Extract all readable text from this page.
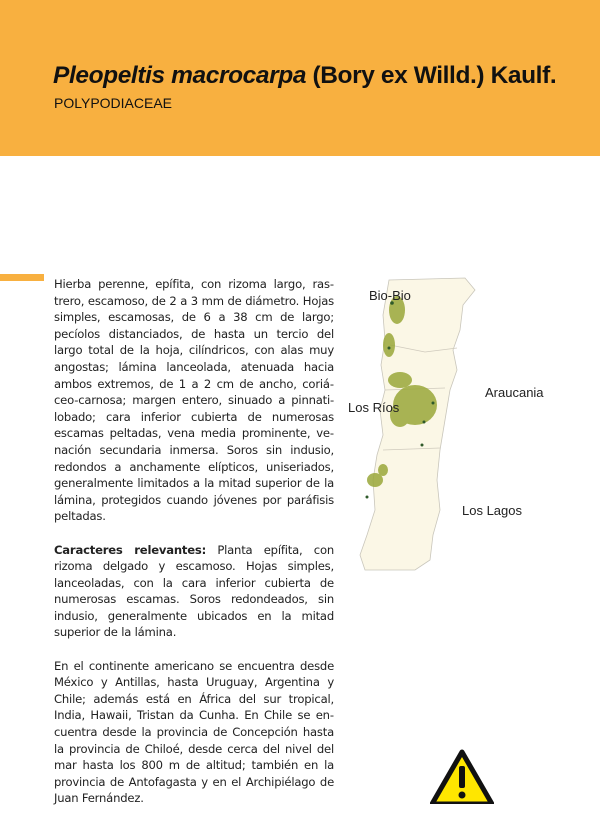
Pleopeltis macrocarpa (Bory ex Willd.) Kaulf.
POLYPODIACEAE

Hierba perenne, epífita, con rizoma largo, rastrero, escamoso, de 2 a 3 mm de diámetro. Hojas simples, escamosas, de 6 a 38 cm de largo; pecíolos distanciados, de hasta un tercio del largo total de la hoja, cilíndricos, con alas muy angostas; lámina lanceolada, atenuada hacia ambos extremos, de 1 a 2 cm de ancho, coriáceo-carnosa; margen entero, sinuado a pinnati-lobado; cara inferior cubierta de numerosas escamas peltadas, vena media prominente, venación secundaria inmersa. Soros sin indusio, redondos a anchamente elípticos, uniseriados, generalmente limitados a la mitad superior de la lámina, protegidos cuando jóvenes por paráfisis peltadas.

Caracteres relevantes: Planta epífita, con rizoma delgado y escamoso. Hojas simples, lanceoladas, con la cara inferior cubierta de numerosas escamas. Soros redondeados, sin indusio, generalmente ubicados en la mitad superior de la lámina.

En el continente americano se encuentra desde México y Antillas, hasta Uruguay, Argentina y Chile; además está en África del sur tropical, India, Hawaii, Tristan da Cunha. En Chile se encuentra desde la provincia de Concepción hasta la provincia de Chiloé, desde cerca del nivel del mar hasta los 800 m de altitud; también en la provincia de Antofagasta y en el Archipiélago de Juan Fernández.

Bio-Bio
Araucania
Los Ríos
Los Lagos
